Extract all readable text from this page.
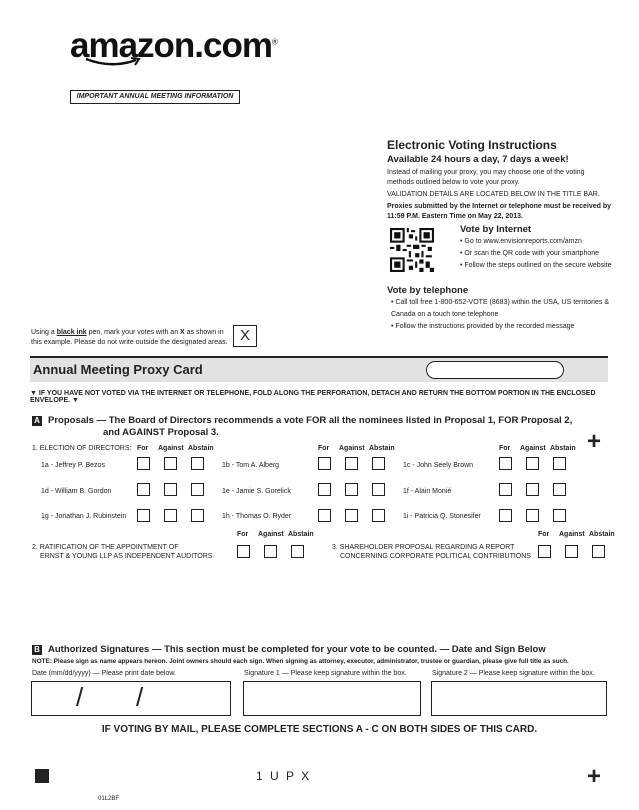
amazon.com®
IMPORTANT ANNUAL MEETING INFORMATION
Electronic Voting Instructions
Available 24 hours a day, 7 days a week!
Instead of mailing your proxy, you may choose one of the voting methods outlined below to vote your proxy.
VALIDATION DETAILS ARE LOCATED BELOW IN THE TITLE BAR.
Proxies submitted by the Internet or telephone must be received by 11:59 P.M. Eastern Time on May 22, 2013.
Vote by Internet
• Go to www.envisionreports.com/amzn
• Or scan the QR code with your smartphone
• Follow the steps outlined on the secure website
Vote by telephone
• Call toll free 1-800-652-VOTE (8683) within the USA, US territories & Canada on a touch tone telephone
• Follow the instructions provided by the recorded message
Using a black ink pen, mark your votes with an X as shown in this example. Please do not write outside the designated areas. X
Annual Meeting Proxy Card
▼ IF YOU HAVE NOT VOTED VIA THE INTERNET OR TELEPHONE, FOLD ALONG THE PERFORATION, DETACH AND RETURN THE BOTTOM PORTION IN THE ENCLOSED ENVELOPE. ▼
A Proposals — The Board of Directors recommends a vote FOR all the nominees listed in Proposal 1, FOR Proposal 2,
and AGAINST Proposal 3.	+
1. ELECTION OF DIRECTORS: For Against Abstain	For Against Abstain	For Against Abstain
1a - Jeffrey P. Bezos	1b - Tom A. Alberg	1c - John Seely Brown
1d - William B. Gordon	1e - Jamie S. Gorelick	1f - Alain Monié
1g - Jonathan J. Rubinstein	1h - Thomas O. Ryder	1i - Patricia Q. Stonesifer
For Against Abstain	For Against Abstain
2. RATIFICATION OF THE APPOINTMENT OF
ERNST & YOUNG LLP AS INDEPENDENT AUDITORS
3. SHAREHOLDER PROPOSAL REGARDING A REPORT
CONCERNING CORPORATE POLITICAL CONTRIBUTIONS
B Authorized Signatures — This section must be completed for your vote to be counted. — Date and Sign Below
NOTE: Please sign as name appears hereon. Joint owners should each sign. When signing as attorney, executor, administrator, trustee or guardian, please give full title as such.
Date (mm/dd/yyyy) — Please print date below.	Signature 1 — Please keep signature within the box.	Signature 2 — Please keep signature within the box.
/ /
IF VOTING BY MAIL, PLEASE COMPLETE SECTIONS A - C ON BOTH SIDES OF THIS CARD.
1 U P X	+
01L2BF
